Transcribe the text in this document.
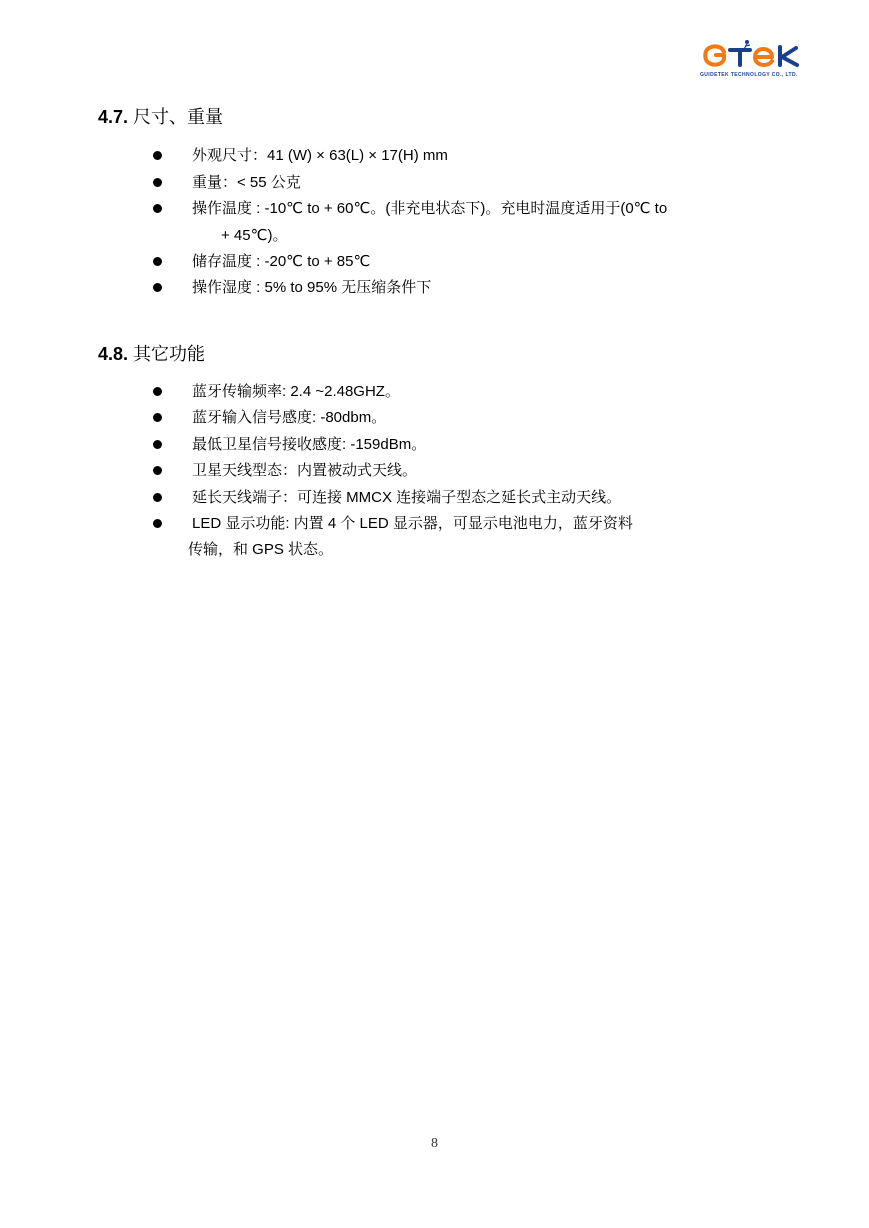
GUIDETEK TECHNOLOGY CO., LTD.
4.7. 尺寸、重量
外观尺寸：41 (W) × 63(L) × 17(H) mm
重量：< 55 公克
操作温度 : -10℃ to + 60℃。(非充电状态下)。充电时温度适用于(0℃ to
+ 45℃)。
储存温度 : -20℃ to + 85℃
操作湿度 : 5% to 95% 无压缩条件下
4.8. 其它功能
蓝牙传输频率: 2.4 ~2.48GHZ。
蓝牙输入信号感度: -80dbm。
最低卫星信号接收感度: -159dBm。
卫星天线型态：内置被动式天线。
延长天线端子：可连接 MMCX 连接端子型态之延长式主动天线。
LED 显示功能: 内置 4 个 LED 显示器，可显示电池电力，蓝牙资料
传输，和 GPS 状态。
8
